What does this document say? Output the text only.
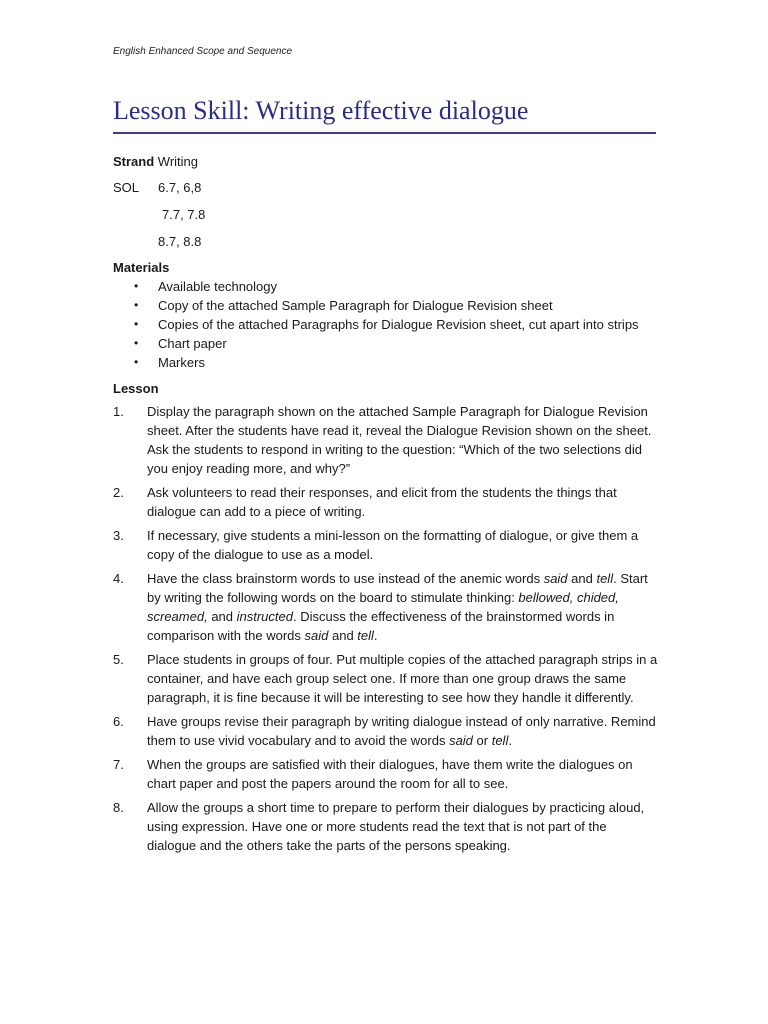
English Enhanced Scope and Sequence
Lesson Skill: Writing effective dialogue
Strand Writing
SOL	6.7, 6,8
7.7, 7.8
8.7, 8.8
Materials
• Available technology
• Copy of the attached Sample Paragraph for Dialogue Revision sheet
• Copies of the attached Paragraphs for Dialogue Revision sheet, cut apart into strips
• Chart paper
• Markers
Lesson
1. Display the paragraph shown on the attached Sample Paragraph for Dialogue Revision sheet. After the students have read it, reveal the Dialogue Revision shown on the sheet. Ask the students to respond in writing to the question: “Which of the two selections did you enjoy reading more, and why?”
2. Ask volunteers to read their responses, and elicit from the students the things that dialogue can add to a piece of writing.
3. If necessary, give students a mini-lesson on the formatting of dialogue, or give them a copy of the dialogue to use as a model.
4. Have the class brainstorm words to use instead of the anemic words said and tell. Start by writing the following words on the board to stimulate thinking: bellowed, chided, screamed, and instructed. Discuss the effectiveness of the brainstormed words in comparison with the words said and tell.
5. Place students in groups of four. Put multiple copies of the attached paragraph strips in a container, and have each group select one. If more than one group draws the same paragraph, it is fine because it will be interesting to see how they handle it differently.
6. Have groups revise their paragraph by writing dialogue instead of only narrative. Remind them to use vivid vocabulary and to avoid the words said or tell.
7. When the groups are satisfied with their dialogues, have them write the dialogues on chart paper and post the papers around the room for all to see.
8. Allow the groups a short time to prepare to perform their dialogues by practicing aloud, using expression. Have one or more students read the text that is not part of the dialogue and the others take the parts of the persons speaking.
